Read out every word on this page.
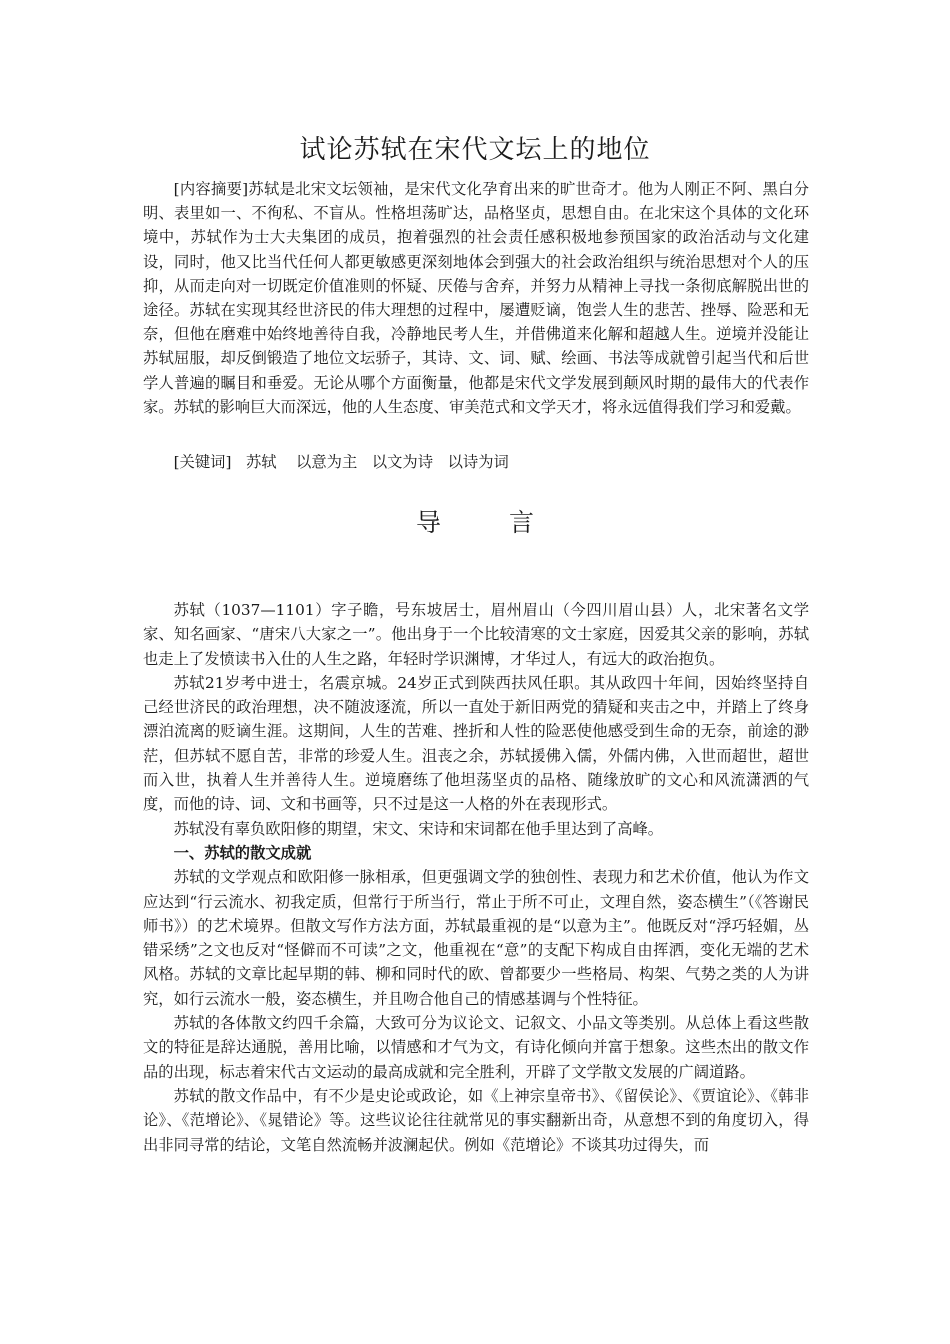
试论苏轼在宋代文坛上的地位

[内容摘要]苏轼是北宋文坛领袖，是宋代文化孕育出来的旷世奇才。他为人刚正不阿、黑白分明、表里如一、不徇私、不盲从。性格坦荡旷达，品格坚贞，思想自由。在北宋这个具体的文化环境中，苏轼作为士大夫集团的成员，抱着强烈的社会责任感积极地参预国家的政治活动与文化建设，同时，他又比当代任何人都更敏感更深刻地体会到强大的社会政治组织与统治思想对个人的压抑，从而走向对一切既定价值准则的怀疑、厌倦与舍弃，并努力从精神上寻找一条彻底解脱出世的途径。苏轼在实现其经世济民的伟大理想的过程中，屡遭贬谪，饱尝人生的悲苦、挫辱、险恶和无奈，但他在磨难中始终地善待自我，冷静地民考人生，并借佛道来化解和超越人生。逆境并没能让苏轼屈服，却反倒锻造了地位文坛骄子，其诗、文、词、赋、绘画、书法等成就曾引起当代和后世学人普遍的瞩目和垂爱。无论从哪个方面衡量，他都是宋代文学发展到颠风时期的最伟大的代表作家。苏轼的影响巨大而深远，他的人生态度、审美范式和文学天才，将永远值得我们学习和爱戴。

[关键词]   苏轼    以意为主   以文为诗   以诗为词

导言

苏轼（1037—1101）字子瞻，号东坡居士，眉州眉山（今四川眉山县）人，北宋著名文学家、知名画家、“唐宋八大家之一”。他出身于一个比较清寒的文士家庭，因爱其父亲的影响，苏轼也走上了发愤读书入仕的人生之路，年轻时学识渊博，才华过人，有远大的政治抱负。

苏轼21岁考中进士，名震京城。24岁正式到陕西扶风任职。其从政四十年间，因始终坚持自己经世济民的政治理想，决不随波逐流，所以一直处于新旧两党的猜疑和夹击之中，并踏上了终身漂泊流离的贬谪生涯。这期间，人生的苦难、挫折和人性的险恶使他感受到生命的无奈，前途的渺茫，但苏轼不愿自苦，非常的珍爱人生。沮丧之余，苏轼援佛入儒，外儒内佛，入世而超世，超世而入世，执着人生并善待人生。逆境磨练了他坦荡坚贞的品格、随缘放旷的文心和风流潇洒的气度，而他的诗、词、文和书画等，只不过是这一人格的外在表现形式。

苏轼没有辜负欧阳修的期望，宋文、宋诗和宋词都在他手里达到了高峰。

一、苏轼的散文成就

苏轼的文学观点和欧阳修一脉相承，但更强调文学的独创性、表现力和艺术价值，他认为作文应达到“行云流水、初我定质，但常行于所当行，常止于所不可止，文理自然，姿态横生”（《答谢民师书》）的艺术境界。但散文写作方法方面，苏轼最重视的是“以意为主”。他既反对“浮巧轻媚，丛错采绣”之文也反对“怪僻而不可读”之文，他重视在“意”的支配下构成自由挥洒，变化无端的艺术风格。苏轼的文章比起早期的韩、柳和同时代的欧、曾都要少一些格局、构架、气势之类的人为讲究，如行云流水一般，姿态横生，并且吻合他自己的情感基调与个性特征。

苏轼的各体散文约四千余篇，大致可分为议论文、记叙文、小品文等类别。从总体上看这些散文的特征是辞达通脱，善用比喻，以情感和才气为文，有诗化倾向并富于想象。这些杰出的散文作品的出现，标志着宋代古文运动的最高成就和完全胜利，开辟了文学散文发展的广阔道路。

苏轼的散文作品中，有不少是史论或政论，如《上神宗皇帝书》、《留侯论》、《贾谊论》、《韩非论》、《范增论》、《晁错论》等。这些议论往往就常见的事实翻新出奇，从意想不到的角度切入，得出非同寻常的结论，文笔自然流畅并波澜起伏。例如《范增论》不谈其功过得失，而
